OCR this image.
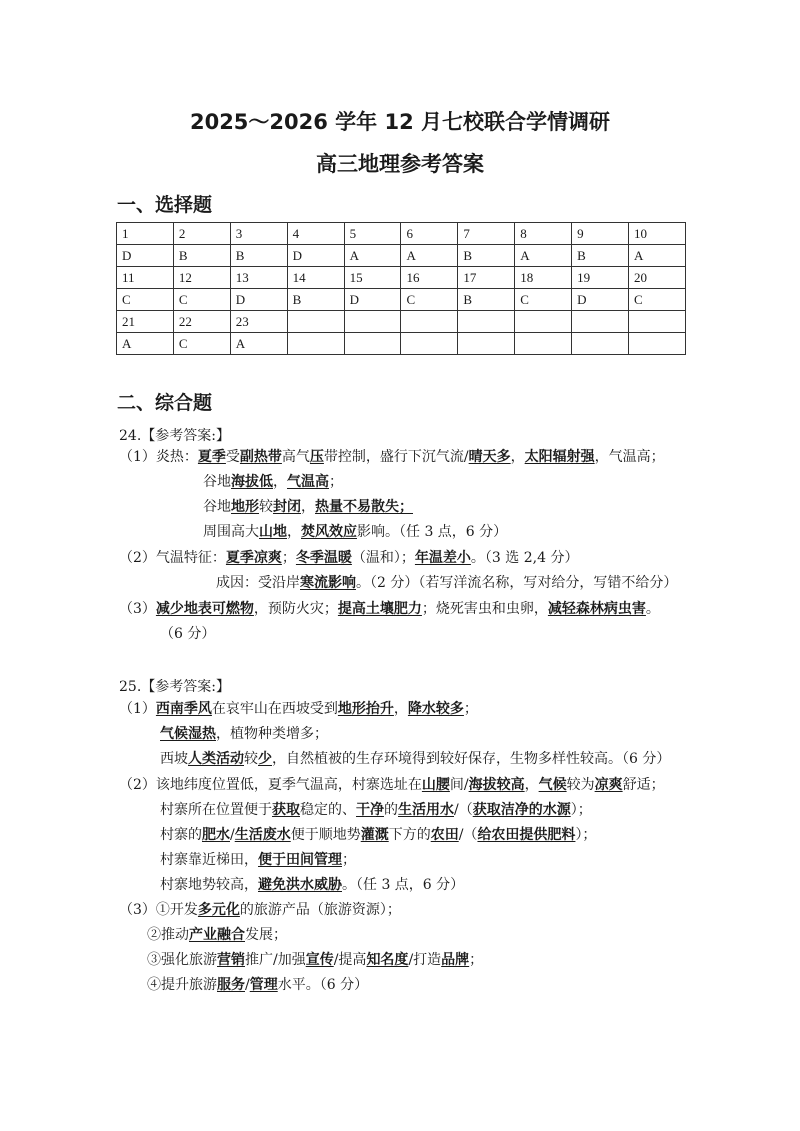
2025～2026 学年 12 月七校联合学情调研
高三地理参考答案
一、选择题
1	2	3	4	5	6	7	8	9	10
D	B	B	D	A	A	B	A	B	A
11	12	13	14	15	16	17	18	19	20
C	C	D	B	D	C	B	C	D	C
21	22	23							
A	C	A							
二、综合题
24.【参考答案:】
（1）炎热：夏季受副热带高气压带控制，盛行下沉气流/晴天多，太阳辐射强，气温高；
谷地海拔低，气温高；
谷地地形较封闭，热量不易散失；
周围高大山地，焚风效应影响。（任 3 点，6 分）
（2）气温特征：夏季凉爽；冬季温暖（温和）；年温差小。（3 选 2,4 分）
成因：受沿岸寒流影响。（2 分）（若写洋流名称，写对给分，写错不给分）
（3）减少地表可燃物，预防火灾；提高土壤肥力；烧死害虫和虫卵，减轻森林病虫害。
（6 分）
25.【参考答案:】
（1）西南季风在哀牢山在西坡受到地形抬升，降水较多；
气候湿热，植物种类增多；
西坡人类活动较少，自然植被的生存环境得到较好保存，生物多样性较高。（6 分）
（2）该地纬度位置低，夏季气温高，村寨选址在山腰间/海拔较高，气候较为凉爽舒适；
村寨所在位置便于获取稳定的、干净的生活用水/（获取洁净的水源）；
村寨的肥水/生活废水便于顺地势灌溉下方的农田/（给农田提供肥料）；
村寨靠近梯田，便于田间管理；
村寨地势较高，避免洪水威胁。（任 3 点，6 分）
（3）①开发多元化的旅游产品（旅游资源）；
②推动产业融合发展；
③强化旅游营销推广/加强宣传/提高知名度/打造品牌；
④提升旅游服务/管理水平。（6 分）
